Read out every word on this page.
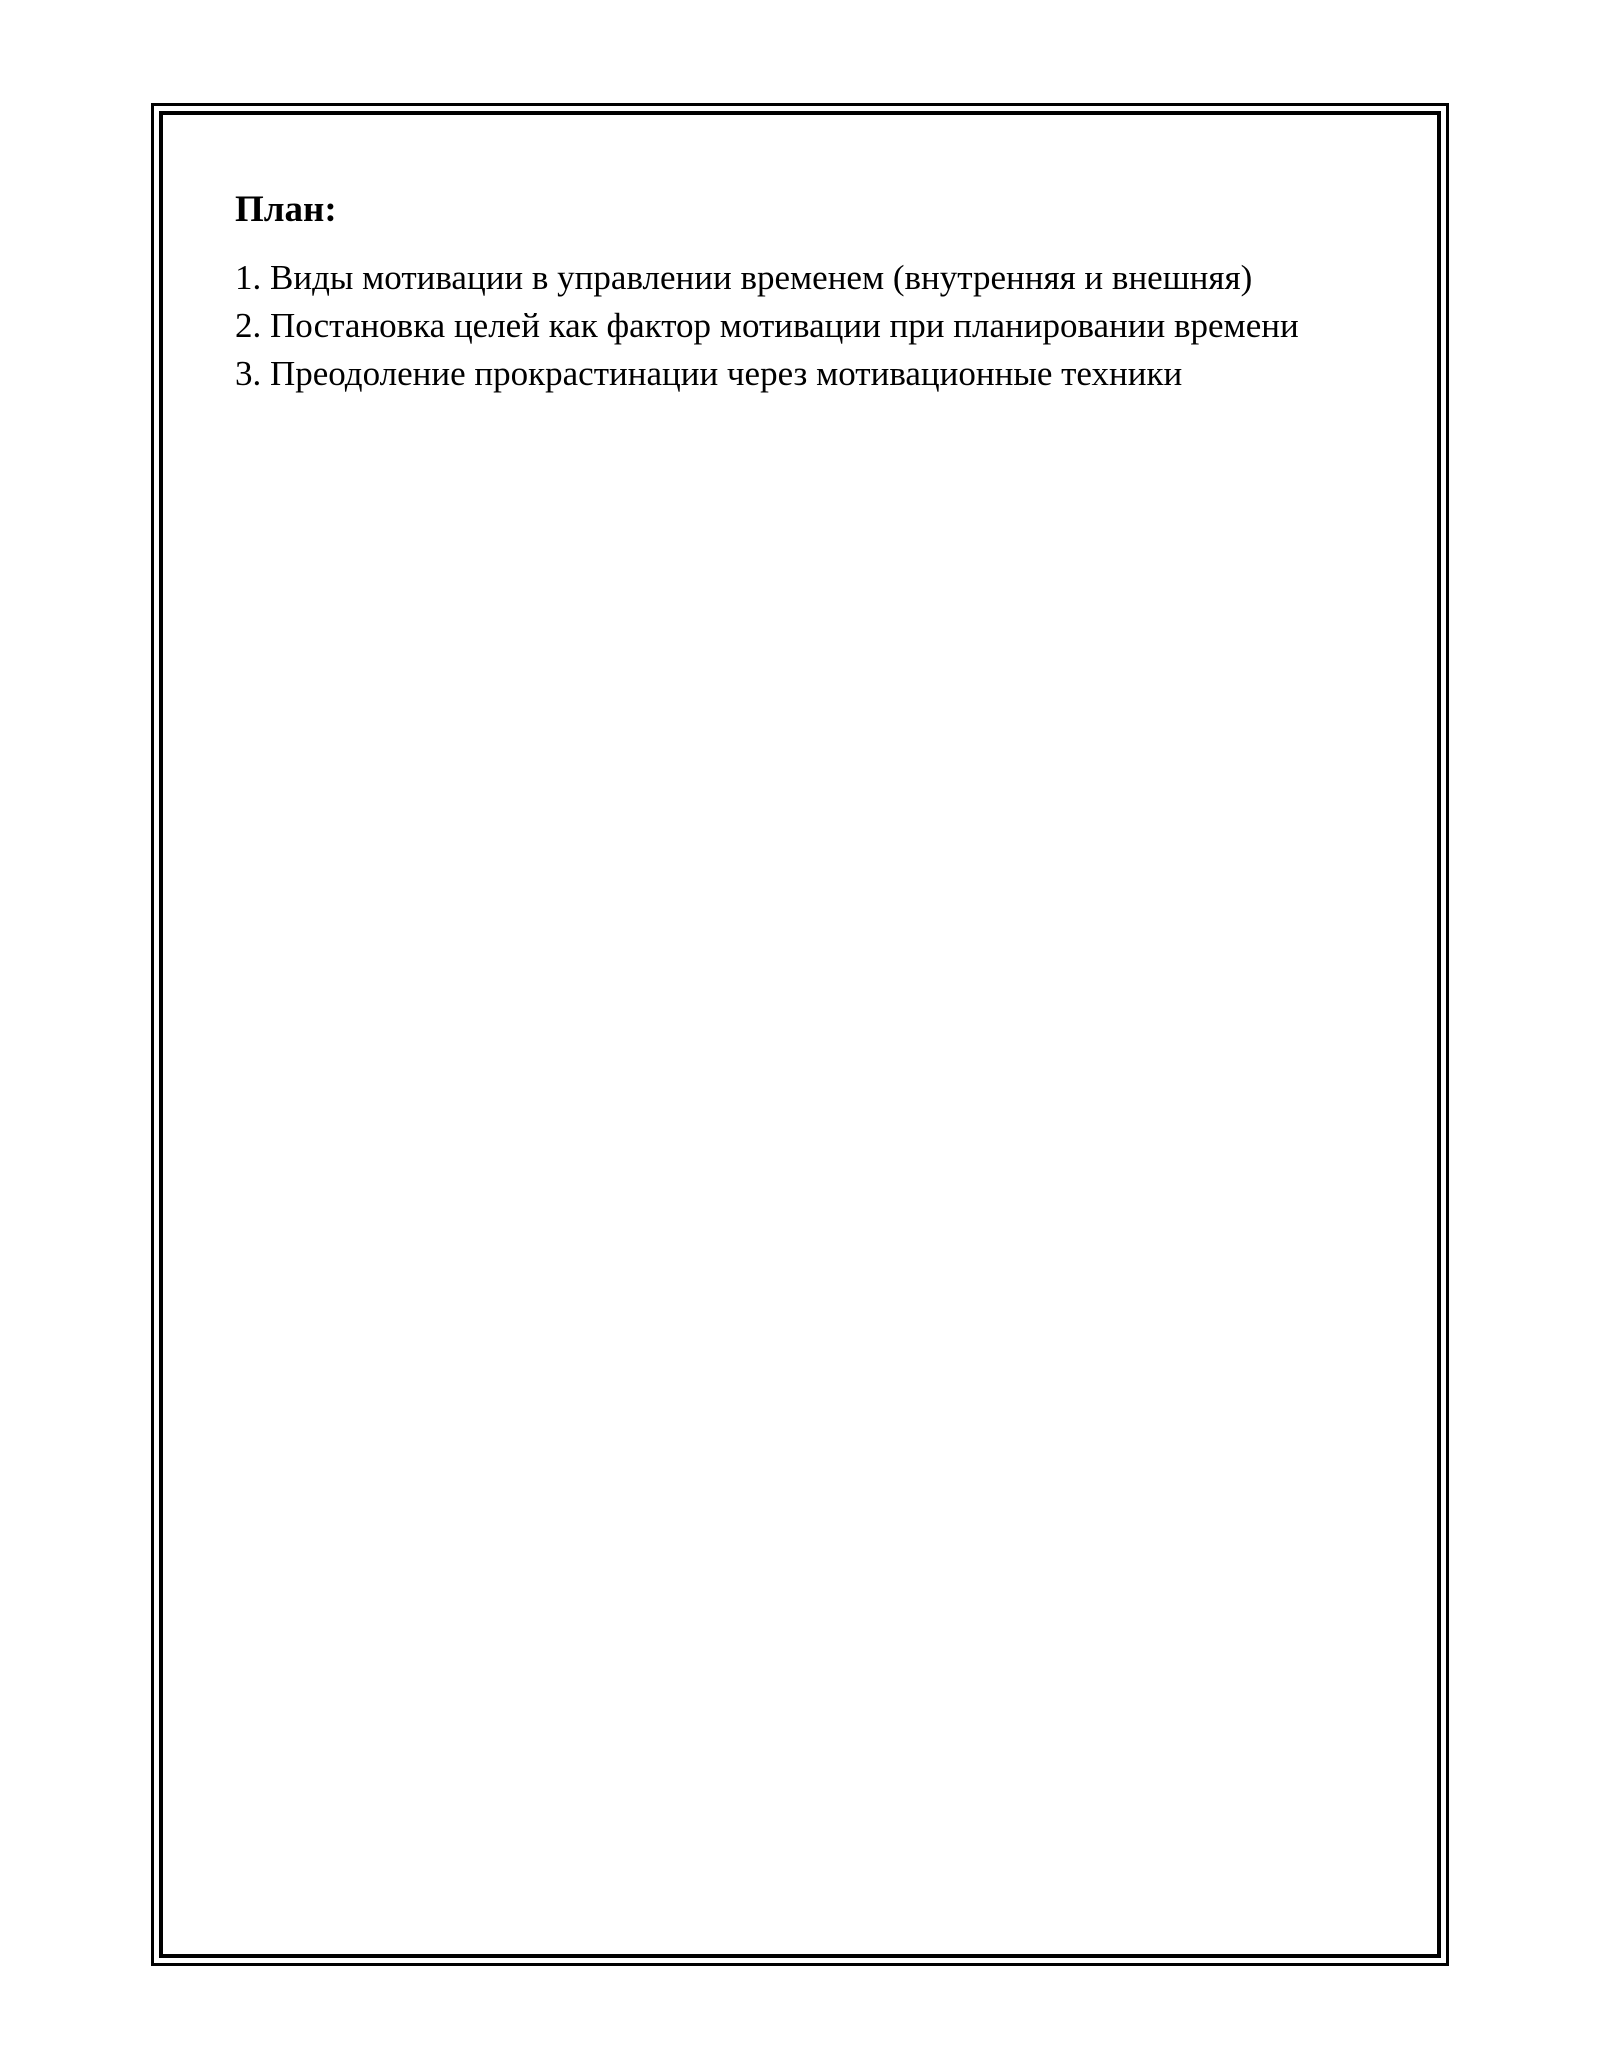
План:
1. Виды мотивации в управлении временем (внутренняя и внешняя)
2. Постановка целей как фактор мотивации при планировании времени
3. Преодоление прокрастинации через мотивационные техники
